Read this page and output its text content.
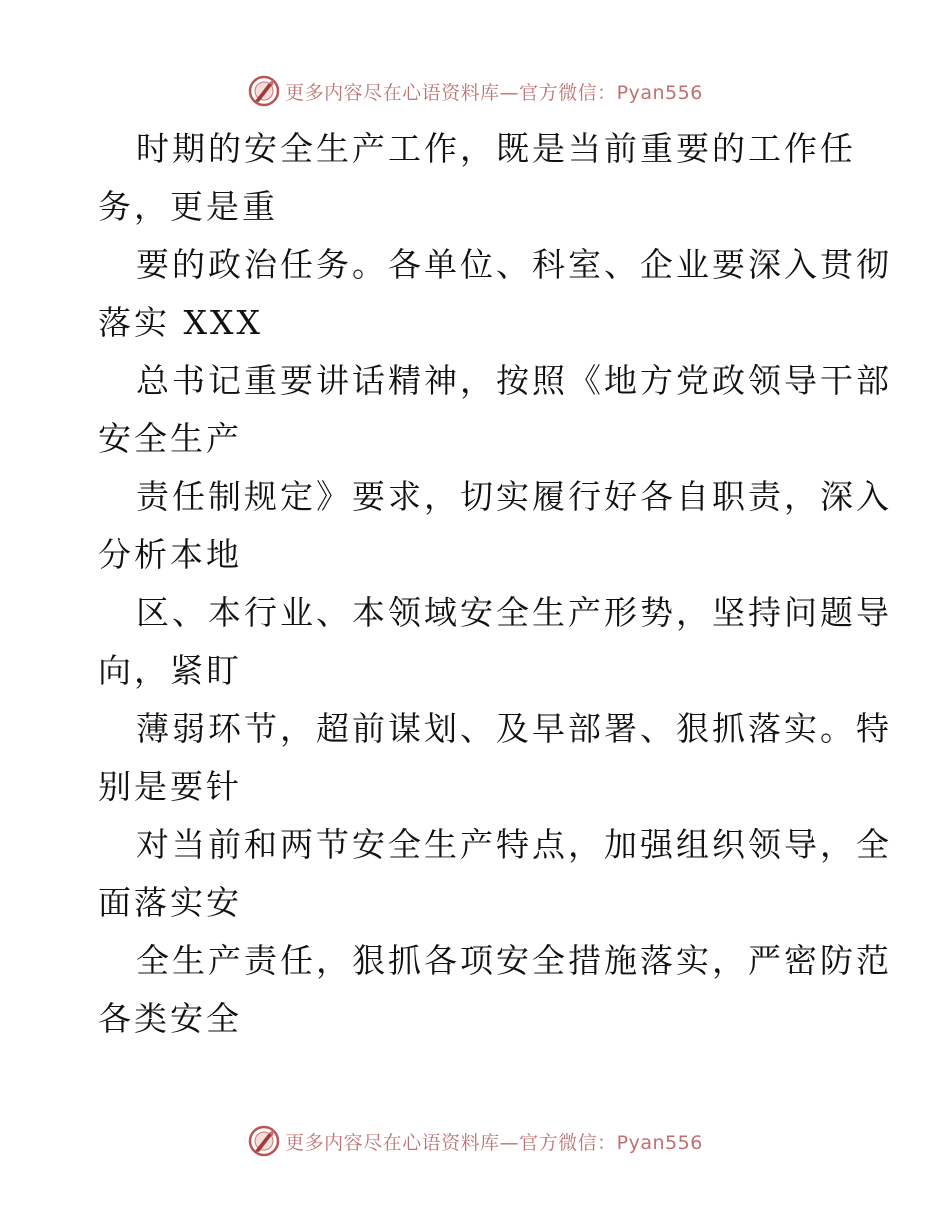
更多内容尽在心语资料库—官方微信：Pyan556
时期的安全生产工作，既是当前重要的工作任
务，更是重
要的政治任务。各单位、科室、企业要深入贯彻
落实 XXX
总书记重要讲话精神，按照《地方党政领导干部
安全生产
责任制规定》要求，切实履行好各自职责，深入
分析本地
区、本行业、本领域安全生产形势，坚持问题导
向，紧盯
薄弱环节，超前谋划、及早部署、狠抓落实。特
别是要针
对当前和两节安全生产特点，加强组织领导，全
面落实安
全生产责任，狠抓各项安全措施落实，严密防范
各类安全
更多内容尽在心语资料库—官方微信：Pyan556
